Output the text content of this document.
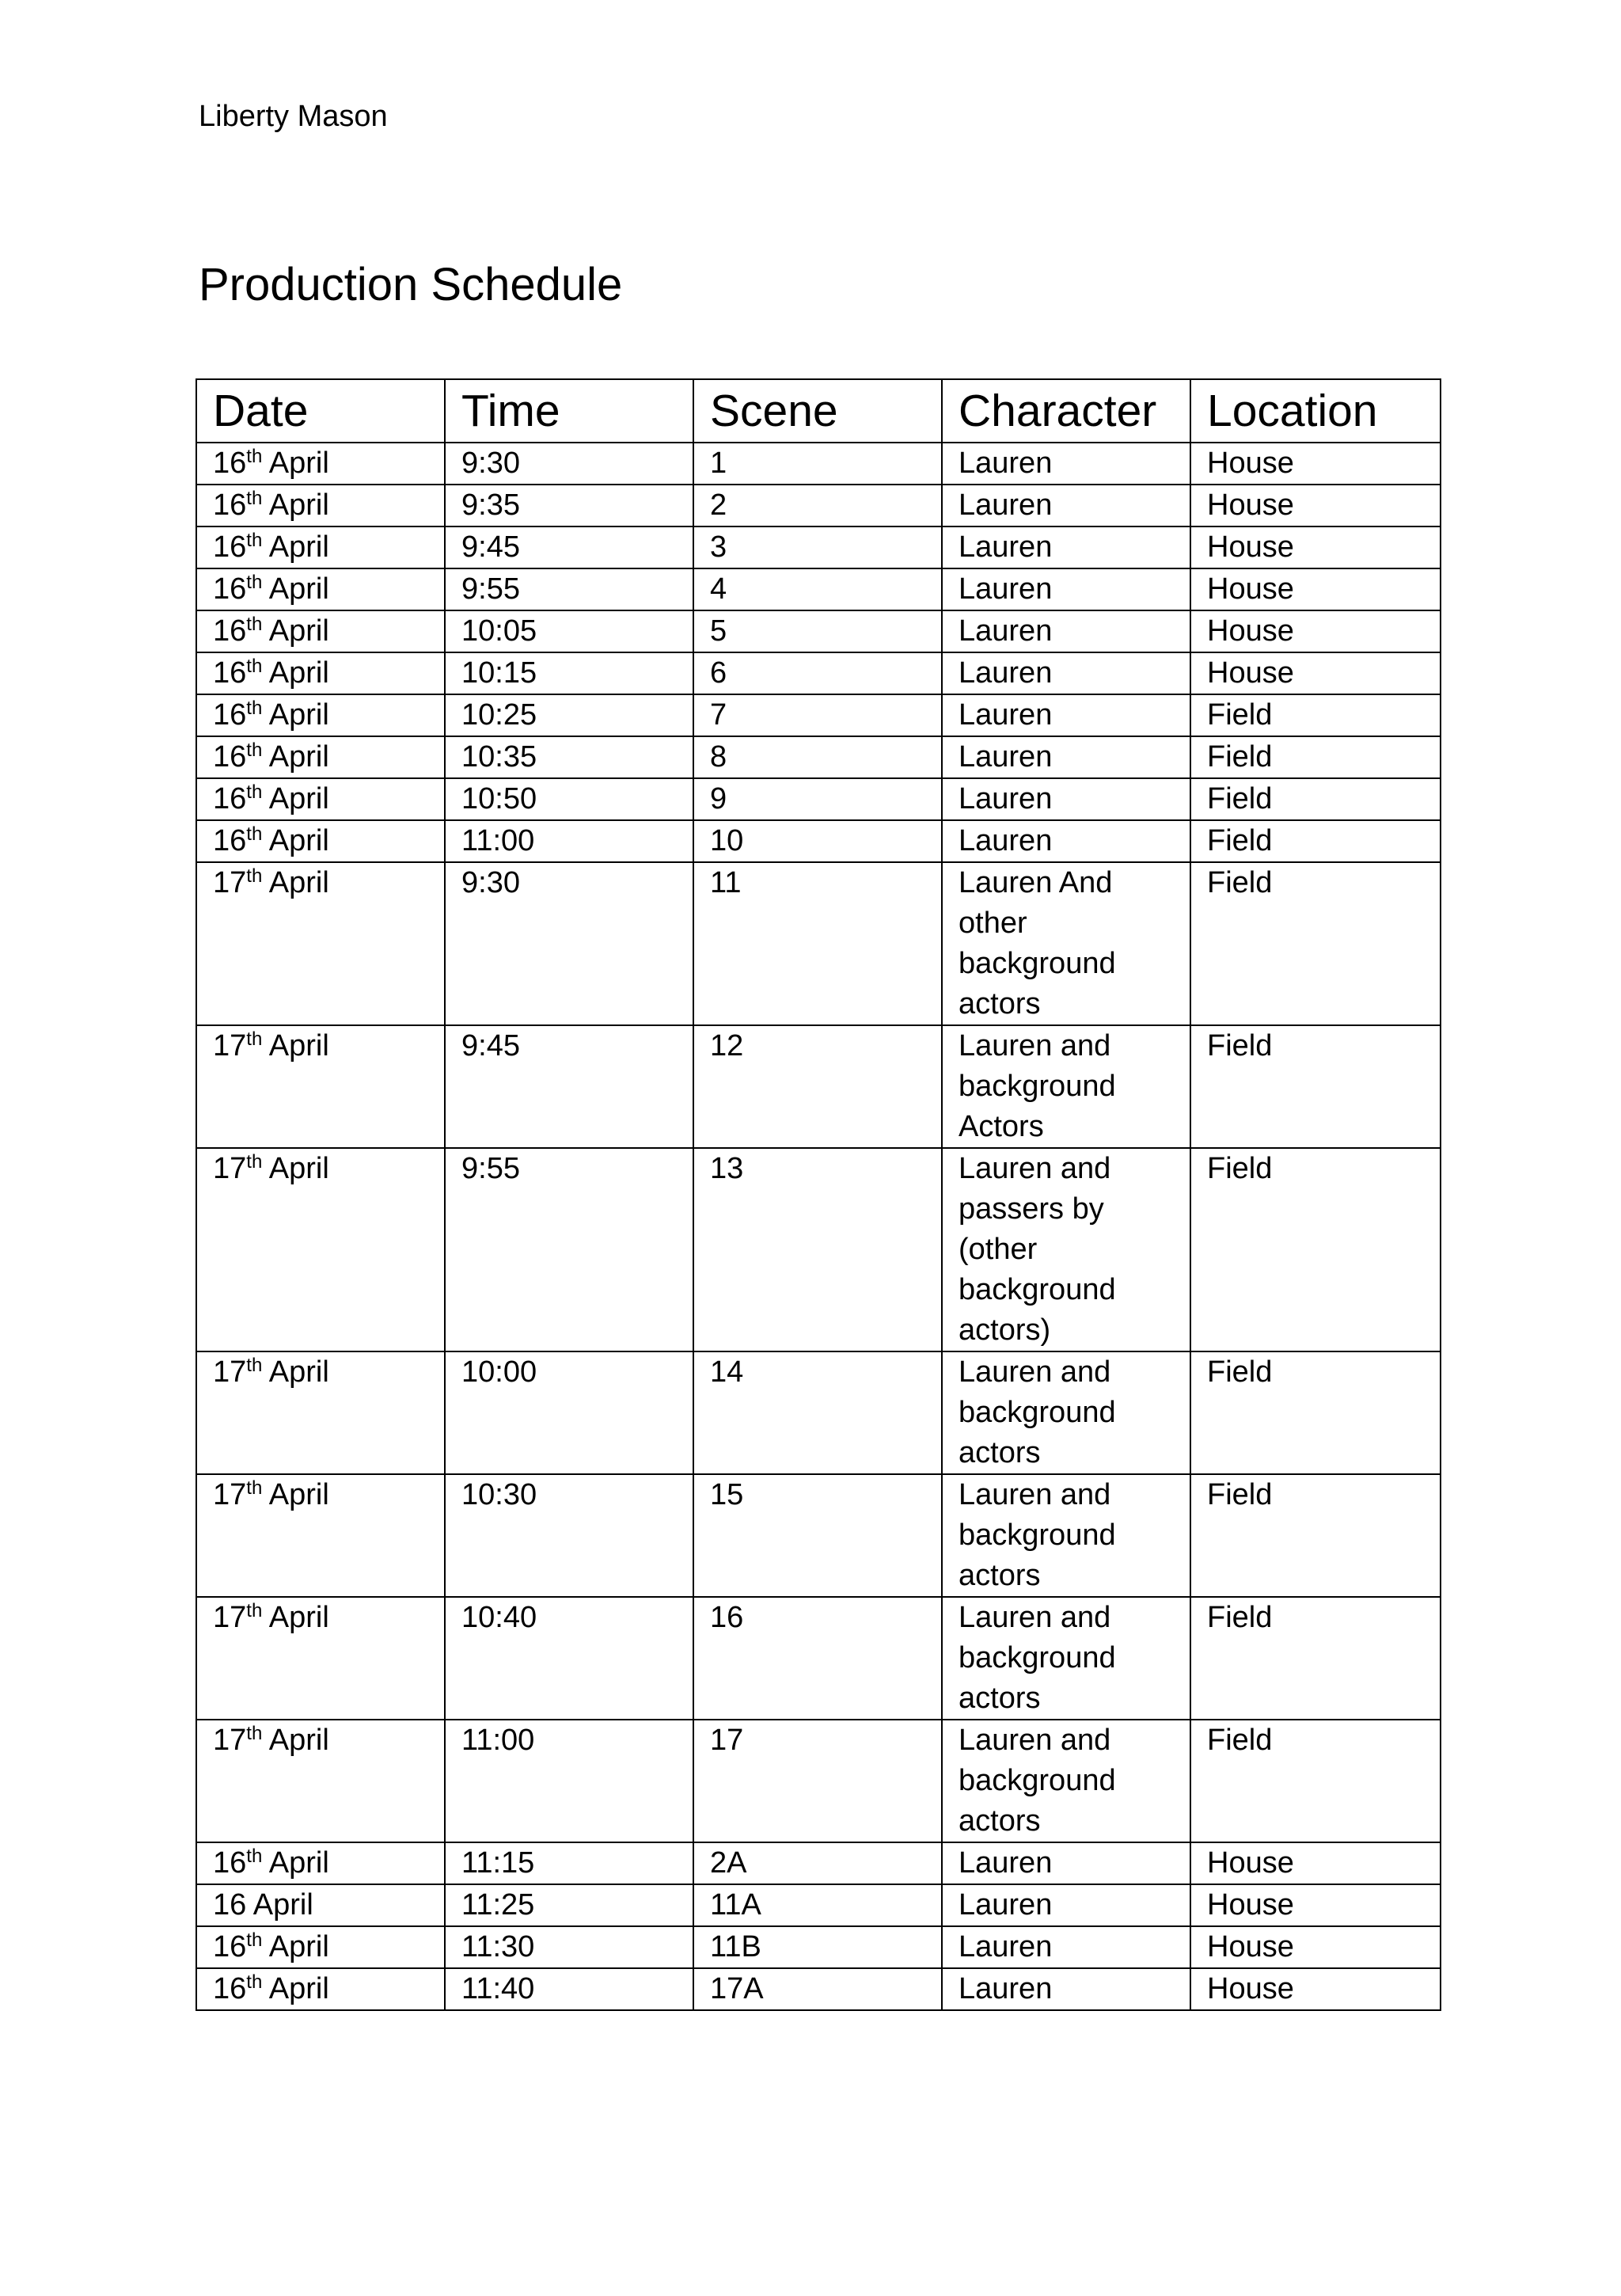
Liberty Mason
Production Schedule
Date	Time	Scene	Character	Location
16th April	9:30	1	Lauren	House
16th April	9:35	2	Lauren	House
16th April	9:45	3	Lauren	House
16th April	9:55	4	Lauren	House
16th April	10:05	5	Lauren	House
16th April	10:15	6	Lauren	House
16th April	10:25	7	Lauren	Field
16th April	10:35	8	Lauren	Field
16th April	10:50	9	Lauren	Field
16th April	11:00	10	Lauren	Field
17th April	9:30	11	Lauren And
other
background
actors	Field
17th April	9:45	12	Lauren and
background
Actors	Field
17th April	9:55	13	Lauren and
passers by
(other
background
actors)	Field
17th April	10:00	14	Lauren and
background
actors	Field
17th April	10:30	15	Lauren and
background
actors	Field
17th April	10:40	16	Lauren and
background
actors	Field
17th April	11:00	17	Lauren and
background
actors	Field
16th April	11:15	2A	Lauren	House
16 April	11:25	11A	Lauren	House
16th April	11:30	11B	Lauren	House
16th April	11:40	17A	Lauren	House
